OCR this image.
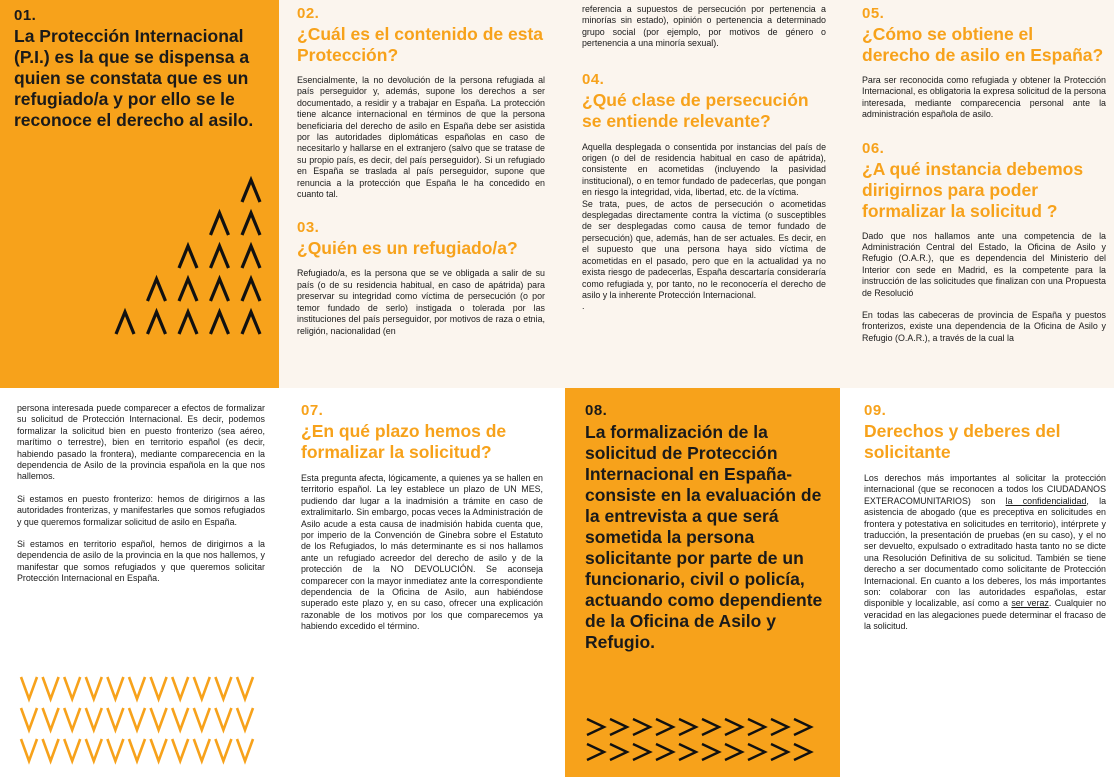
01.

La Protección Internacional (P.I.) es la que se dispensa a quien se constata que es un refugiado/a y por ello se le reconoce el derecho al asilo.

02.
¿Cuál es el contenido de esta Protección?

Esencialmente, la no devolución de la persona refugiada al país perseguidor y, además, supone los derechos a ser documentado, a residir y a trabajar en España. La protección tiene alcance internacional en términos de que la persona beneficiaria del derecho de asilo en España debe ser asistida por las autoridades diplomáticas españolas en caso de necesitarlo y hallarse en el extranjero (salvo que se tratase de su propio país, es decir, del país perseguidor). Si un refugiado en España se traslada al país perseguidor, supone que renuncia a la protección que España le ha concedido en cuanto tal.

03.
¿Quién es un refugiado/a?

Refugiado/a, es la persona que se ve obligada a salir de su país (o de su residencia habitual, en caso de apátrida) para preservar su integridad como víctima de persecución (o por temor fundado de serlo) instigada o tolerada por las instituciones del país perseguidor, por motivos de raza o etnia, religión, nacionalidad (en

referencia a supuestos de persecución por pertenencia a minorías sin estado), opinión o pertenencia a determinado grupo social (por ejemplo, por motivos de género o pertenencia a una minoría sexual).

04.
¿Qué clase de persecución se entiende relevante?

Aquella desplegada o consentida por instancias del país de origen (o del de residencia habitual en caso de apátrida), consistente en acometidas (incluyendo la pasividad institucional), o en temor fundado de padecerlas, que pongan en riesgo la integridad, vida, libertad, etc. de la víctima.

Se trata, pues, de actos de persecución o acometidas desplegadas directamente contra la víctima (o susceptibles de ser desplegadas como causa de temor fundado de persecución) que, además, han de ser actuales. Es decir, en el supuesto que una persona haya sido víctima de acometidas en el pasado, pero que en la actualidad ya no exista riesgo de padecerlas, España descartaría consideraría como refugiada y, por tanto, no le reconocería el derecho de asilo y la inherente Protección Internacional.

.

05.
¿Cómo se obtiene el derecho de asilo en España?

Para ser reconocida como refugiada y obtener la Protección Internacional, es obligatoria la expresa solicitud de la persona interesada, mediante comparecencia personal ante la administración española de asilo.

06.
¿A qué instancia debemos dirigirnos para poder formalizar la solicitud ?

Dado que nos hallamos ante una competencia de la Administración Central del Estado, la Oficina de Asilo y Refugio (O.A.R.), que es dependencia del Ministerio del Interior con sede en Madrid, es la competente para la instrucción de las solicitudes que finalizan con una Propuesta de Resolució

En todas las cabeceras de provincia de España y puestos fronterizos, existe una dependencia de la Oficina de Asilo y Refugio (O.A.R.), a través de la cual la

persona interesada puede comparecer a efectos de formalizar su solicitud de Protección Internacional. Es decir, podemos formalizar la solicitud bien en puesto fronterizo (sea aéreo, marítimo o terrestre), bien en territorio español (es decir, habiendo pasado la frontera), mediante comparecencia en la dependencia de Asilo de la provincia española en la que nos hallemos.

Si estamos en puesto fronterizo: hemos de dirigirnos a las autoridades fronterizas, y manifestarles que somos refugiados y que queremos formalizar solicitud de asilo en España.

Si estamos en territorio español, hemos de dirigirnos a la dependencia de asilo de la provincia en la que nos hallemos, y manifestar que somos refugiados y que queremos solicitar Protección Internacional en España.

07.
¿En qué plazo hemos de formalizar la solicitud?

Esta pregunta afecta, lógicamente, a quienes ya se hallen en territorio español. La ley establece un plazo de UN MES, pudiendo dar lugar a la inadmisión a trámite en caso de extralimitarlo. Sin embargo, pocas veces la Administración de Asilo acude a esta causa de inadmisión habida cuenta que, por imperio de la Convención de Ginebra sobre el Estatuto de los Refugiados, lo más determinante es si nos hallamos ante un refugiado acreedor del derecho de asilo y de la protección de la NO DEVOLUCIÓN. Se aconseja comparecer con la mayor inmediatez ante la correspondiente dependencia de la Oficina de Asilo, aun habiéndose superado este plazo y, en su caso, ofrecer una explicación razonable de los motivos por los que comparecemos ya habiendo excedido el término.

08.

La formalización de la solicitud de Protección Internacional en España- consiste en la evaluación de la entrevista a que será sometida la persona solicitante por parte de un funcionario, civil o policía, actuando como dependiente de la Oficina de Asilo y Refugio.

09.
Derechos y deberes del solicitante

Los derechos más importantes al solicitar la protección internacional (que se reconocen a todos los CIUDADANOS EXTERACOMUNITARIOS) son la confidencialidad, la asistencia de abogado (que es preceptiva en solicitudes en frontera y potestativa en solicitudes en territorio), intérprete y traducción, la presentación de pruebas (en su caso), y el no ser devuelto, expulsado o extraditado hasta tanto no se dicte una Resolución Definitiva de su solicitud. También se tiene derecho a ser documentado como solicitante de Protección Internacional. En cuanto a los deberes, los más importantes son: colaborar con las autoridades españolas, estar disponible y localizable, así como a ser veraz. Cualquier no veracidad en las alegaciones puede determinar el fracaso de la solicitud.
